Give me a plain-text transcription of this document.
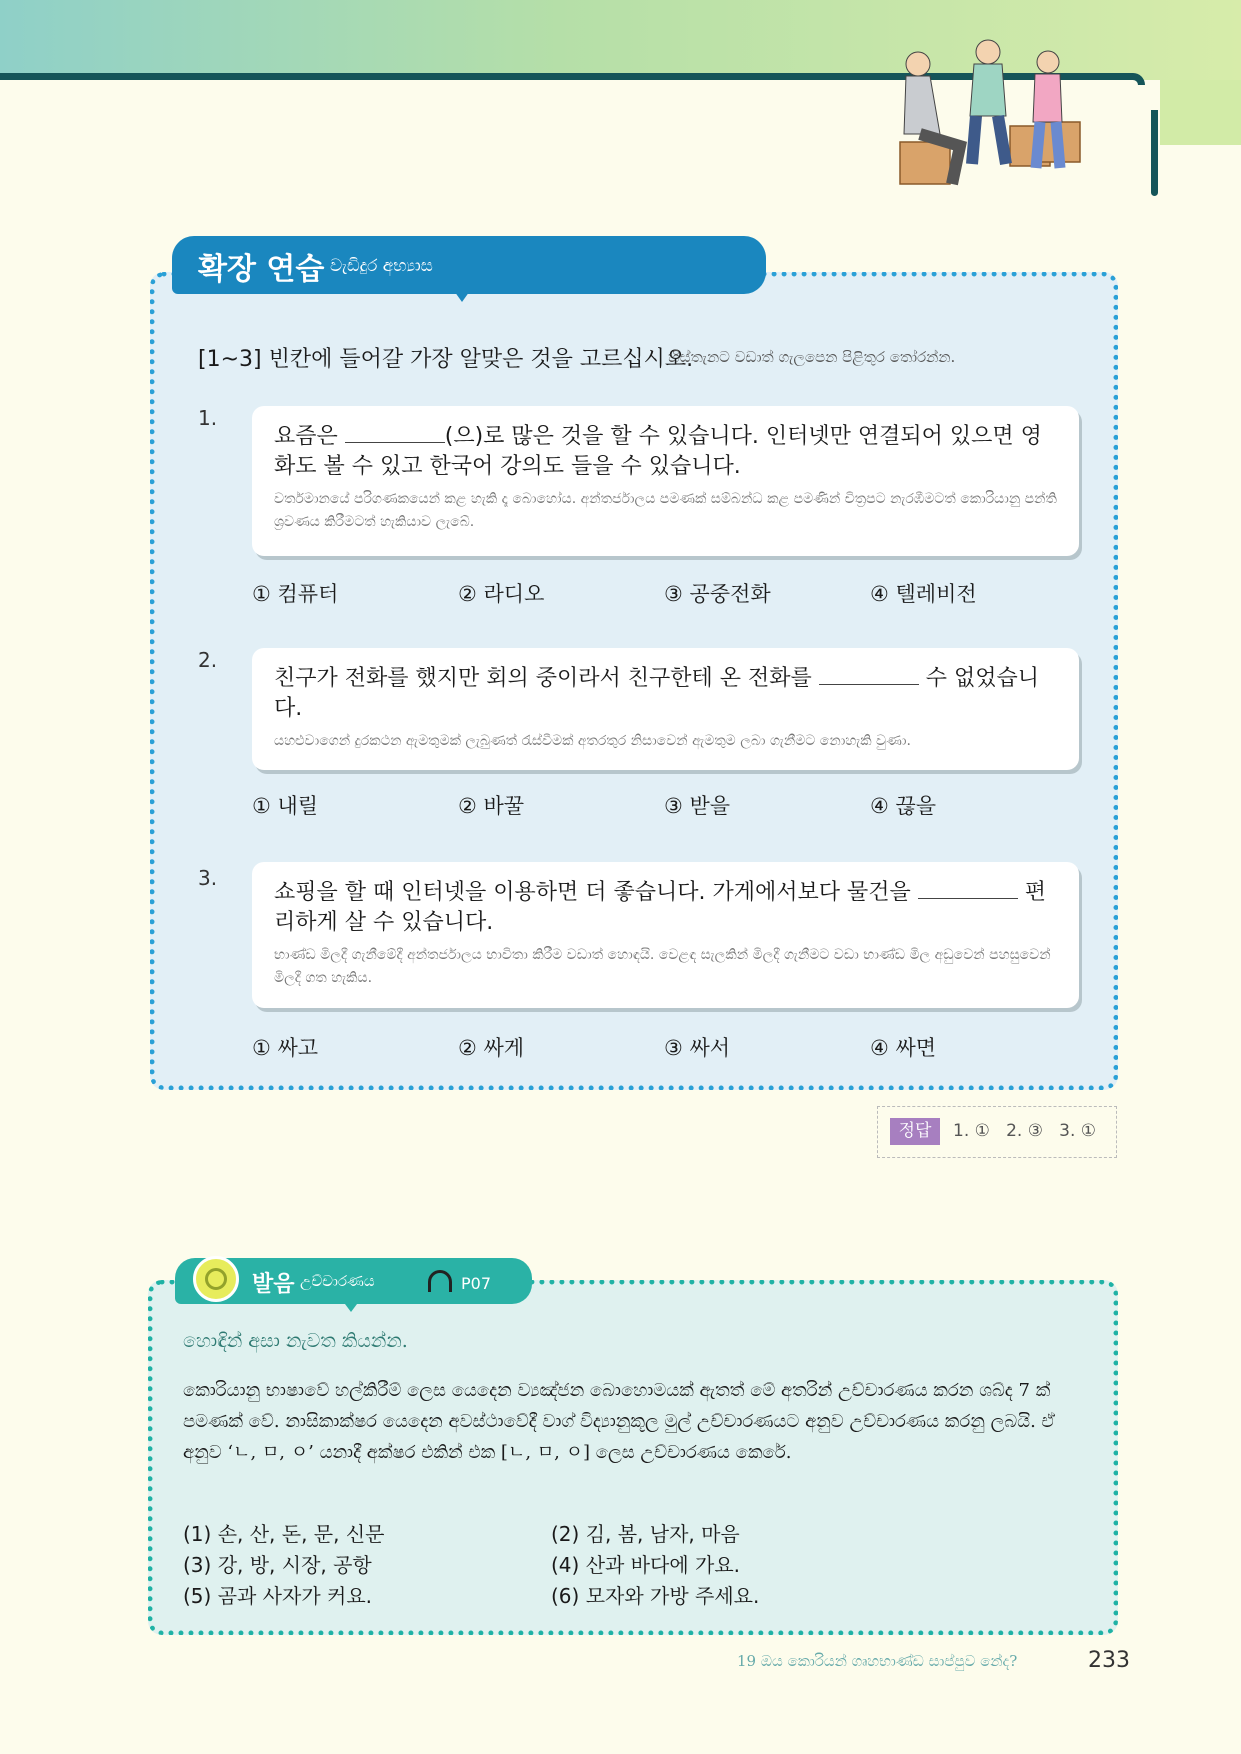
확장 연습 වැඩිදුර අභ්‍යාස
[1~3] 빈칸에 들어갈 가장 알맞은 것을 고르십시오.
හිස්තැනට වඩාත් ගැලපෙන පිළිතුර තෝරන්න.
1.
요즘은	(으)로 많은 것을 할 수 있습니다. 인터넷만 연결되어 있으면 영화도 볼 수 있고 한국어 강의도 들을 수 있습니다.
වර්තමානයේ පරිගණකයෙන් කළ හැකි දෑ බොහෝය. අන්තර්ජාලය පමණක් සම්බන්ධ කළ පමණින් චිත්‍රපට නැරඹීමටත් කොරියානු පන්ති ශ්‍රවණය කිරීමටත් හැකියාව ලැබේ.
① 컴퓨터	② 라디오	③ 공중전화	④ 텔레비전
2.
친구가 전화를 했지만 회의 중이라서 친구한테 온 전화를	수 없었습니다.
යහළුවාගෙන් දුරකථන ඇමතුමක් ලැබුණත් රැස්වීමක් අතරතුර නිසාවෙන් ඇමතුම ලබා ගැනීමට නොහැකි වුණා.
① 내릴	② 바꿀	③ 받을	④ 끊을
3.
쇼핑을 할 때 인터넷을 이용하면 더 좋습니다. 가게에서보다 물건을	편리하게 살 수 있습니다.
භාණ්ඩ මිලදී ගැනීමේදී අන්තර්ජාලය භාවිතා කිරීම වඩාත් හොඳයි. වෙළඳ සැලකින් මිලදී ගැනීමට වඩා භාණ්ඩ මිල අඩුවෙන් පහසුවෙන් මිලදී ගත හැකිය.
① 싸고	② 싸게	③ 싸서	④ 싸면
정답	1. ①   2. ③   3. ①
발음 උච්චාරණය	P07
හොඳින් අසා නැවත කියන්න.
කොරියානු භාෂාවේ හල්කිරීම් ලෙස යෙදෙන ව්‍යඤ්ජන බොහොමයක් ඇතත් මේ අතරින් උච්චාරණය කරන ශබ්ද 7 ක් පමණක් වේ. නාසිකාක්ෂර යෙදෙන අවස්ථාවේදී වාග් විද්‍යානුකූල මුල් උච්චාරණයට අනුව උච්චාරණය කරනු ලබයි. ඒ අනුව ‘ㄴ, ㅁ, ㅇ’ යනාදී අක්ෂර එකින් එක [ㄴ, ㅁ, ㅇ] ලෙස උච්චාරණය කෙරේ.
(1) 손, 산, 돈, 문, 신문	(2) 김, 봄, 남자, 마음
(3) 강, 방, 시장, 공항	(4) 산과 바다에 가요.
(5) 곰과 사자가 커요.	(6) 모자와 가방 주세요.
19 ඔය කොරියන් ගෘහභාණ්ඩ සාප්පුව නේද?	233
